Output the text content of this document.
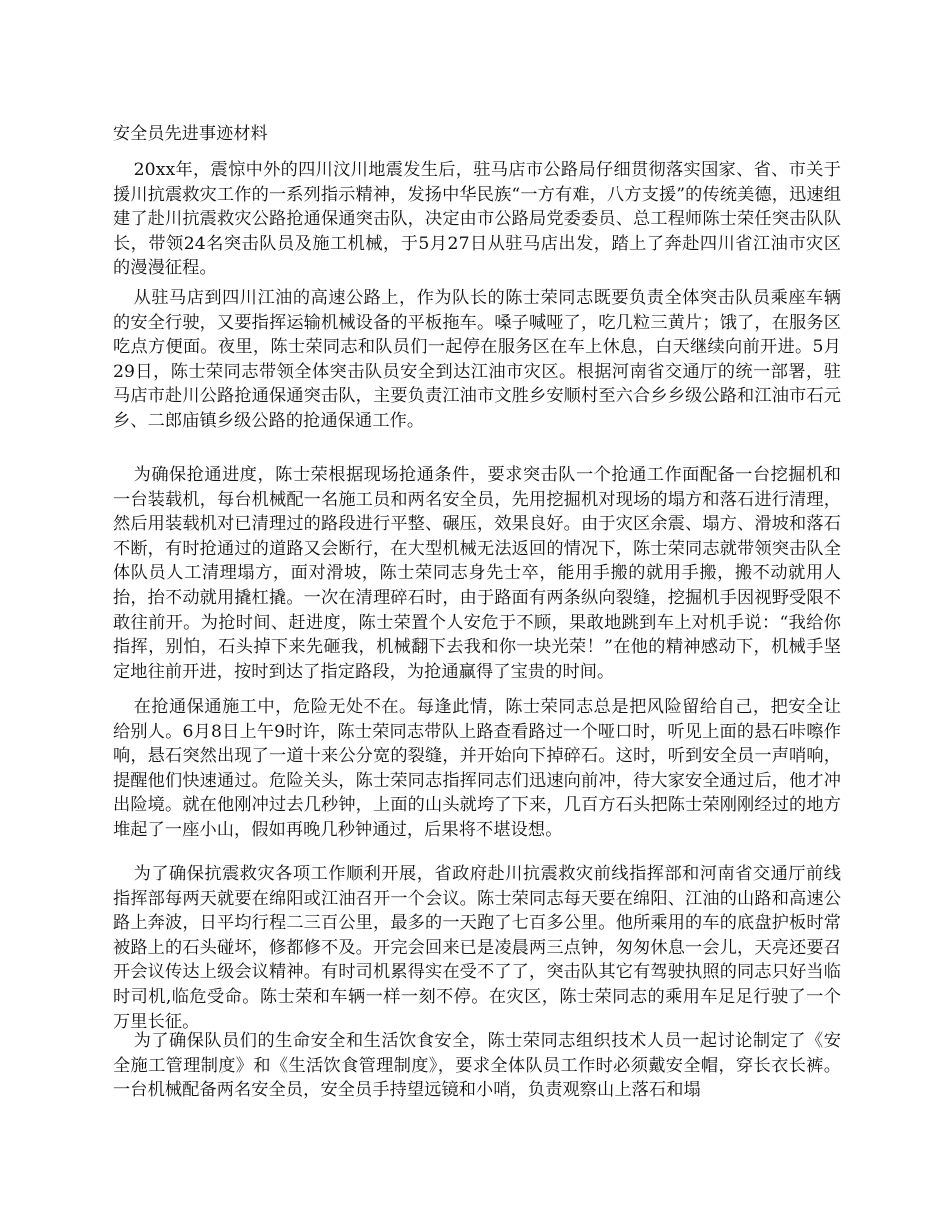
安全员先进事迹材料

20xx年，震惊中外的四川汶川地震发生后，驻马店市公路局仔细贯彻落实国家、省、市关于援川抗震救灾工作的一系列指示精神，发扬中华民族“一方有难，八方支援”的传统美德，迅速组建了赴川抗震救灾公路抢通保通突击队，决定由市公路局党委委员、总工程师陈士荣任突击队队长，带领24名突击队员及施工机械，于5月27日从驻马店出发，踏上了奔赴四川省江油市灾区的漫漫征程。

从驻马店到四川江油的高速公路上，作为队长的陈士荣同志既要负责全体突击队员乘座车辆的安全行驶，又要指挥运输机械设备的平板拖车。嗓子喊哑了，吃几粒三黄片；饿了，在服务区吃点方便面。夜里，陈士荣同志和队员们一起停在服务区在车上休息，白天继续向前开进。5月29日，陈士荣同志带领全体突击队员安全到达江油市灾区。根据河南省交通厅的统一部署，驻马店市赴川公路抢通保通突击队，主要负责江油市文胜乡安顺村至六合乡乡级公路和江油市石元乡、二郎庙镇乡级公路的抢通保通工作。

为确保抢通进度，陈士荣根据现场抢通条件，要求突击队一个抢通工作面配备一台挖掘机和一台装载机，每台机械配一名施工员和两名安全员，先用挖掘机对现场的塌方和落石进行清理，然后用装载机对已清理过的路段进行平整、碾压，效果良好。由于灾区余震、塌方、滑坡和落石不断，有时抢通过的道路又会断行，在大型机械无法返回的情况下，陈士荣同志就带领突击队全体队员人工清理塌方，面对滑坡，陈士荣同志身先士卒，能用手搬的就用手搬，搬不动就用人抬，抬不动就用撬杠撬。一次在清理碎石时，由于路面有两条纵向裂缝，挖掘机手因视野受限不敢往前开。为抢时间、赶进度，陈士荣置个人安危于不顾，果敢地跳到车上对机手说：“我给你指挥，别怕，石头掉下来先砸我，机械翻下去我和你一块光荣！”在他的精神感动下，机械手坚定地往前开进，按时到达了指定路段，为抢通赢得了宝贵的时间。

在抢通保通施工中，危险无处不在。每逢此情，陈士荣同志总是把风险留给自己，把安全让给别人。6月8日上午9时许，陈士荣同志带队上路查看路过一个哑口时，听见上面的悬石咔嚓作响，悬石突然出现了一道十来公分宽的裂缝，并开始向下掉碎石。这时，听到安全员一声哨响，提醒他们快速通过。危险关头，陈士荣同志指挥同志们迅速向前冲，待大家安全通过后，他才冲出险境。就在他刚冲过去几秒钟，上面的山头就垮了下来，几百方石头把陈士荣刚刚经过的地方堆起了一座小山，假如再晚几秒钟通过，后果将不堪设想。

为了确保抗震救灾各项工作顺利开展，省政府赴川抗震救灾前线指挥部和河南省交通厅前线指挥部每两天就要在绵阳或江油召开一个会议。陈士荣同志每天要在绵阳、江油的山路和高速公路上奔波，日平均行程二三百公里，最多的一天跑了七百多公里。他所乘用的车的底盘护板时常被路上的石头碰坏，修都修不及。开完会回来已是凌晨两三点钟，匆匆休息一会儿，天亮还要召开会议传达上级会议精神。有时司机累得实在受不了了，突击队其它有驾驶执照的同志只好当临时司机,临危受命。陈士荣和车辆一样一刻不停。在灾区，陈士荣同志的乘用车足足行驶了一个万里长征。

为了确保队员们的生命安全和生活饮食安全，陈士荣同志组织技术人员一起讨论制定了《安全施工管理制度》和《生活饮食管理制度》，要求全体队员工作时必须戴安全帽，穿长衣长裤。一台机械配备两名安全员，安全员手持望远镜和小哨，负责观察山上落石和塌
